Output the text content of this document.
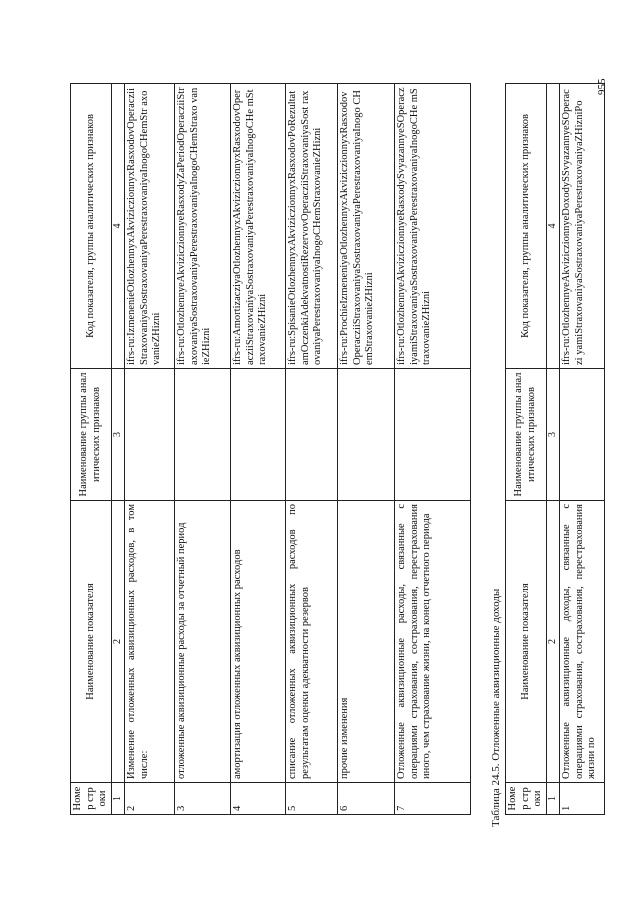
955
Номер строки	Наименование показателя	Наименование группы аналитических признаков	Код показателя, группы аналитических признаков
1	2	3	4
2	Изменение отложенных аквизиционных расходов, в том числе:		ifrs-ru:IzmenenieOtlozhennyxAkviziczionnyxRasxodovOperaczii StraxovaniyaSostraxovaniyaPerestraxovaniyaInogoCHemStr axovanieZHizni
3	отложенные аквизиционные расходы за отчетный период		ifrs-ru:OtlozhennyeAkviziczionnyeRasxodyZaPeriodOperacziiStr axovaniyaSostraxovaniyaPerestraxovaniyaInogoCHemStraxo vanieZHizni
4	амортизация отложенных аквизиционных расходов		ifrs-ru:AmortizacziyaOtlozhennyxAkviziczionnyxRasxodovOper acziiStraxovaniyaSostraxovaniyaPerestraxovaniyaInogoCHe mStraxovanieZHizni
5	списание отложенных аквизиционных расходов по результатам оценки адекватности резервов		ifrs-ru:SpisanieOtlozhennyxAkviziczionnyxRasxodovPoRezultat amOczenkiAdekvatnostiRezervovOperacziiStraxovaniyaSost raxovaniyaPerestraxovaniyaInogoCHemStraxovanieZHizni
6	прочие изменения		ifrs-ru:ProchieIzmeneniyaOtlozhennyxAkviziczionnyxRasxodov OperacziiStraxovaniyaSostraxovaniyaPerestraxovaniyaInogo CHemStraxovanieZHizni
7	Отложенные аквизиционные расходы, связанные с операциями страхования, сострахования, перестрахования иного, чем страхование жизни, на конец отчетного периода		ifrs-ru:OtlozhennyeAkviziczionnyeRasxodySvyazannyeSOperacz iyamiStraxovaniyaSostraxovaniyaPerestraxovaniyaInogoCHe mStraxovanieZHizni
Таблица 24.5. Отложенные аквизиционные доходы Номер строки	Наименование показателя	Наименование группы аналитических признаков	Код показателя, группы аналитических признаков
1	2	3	4
1	Отложенные аквизиционные доходы, связанные с операциями страхования, сострахования, перестрахования жизни по		ifrs-ru:OtlozhennyeAkviziczionnyeDoxodySSvyazannyeSOperaczi yamiStraxovaniyaSostraxovaniyaPerestraxovaniyaZHizniPo
